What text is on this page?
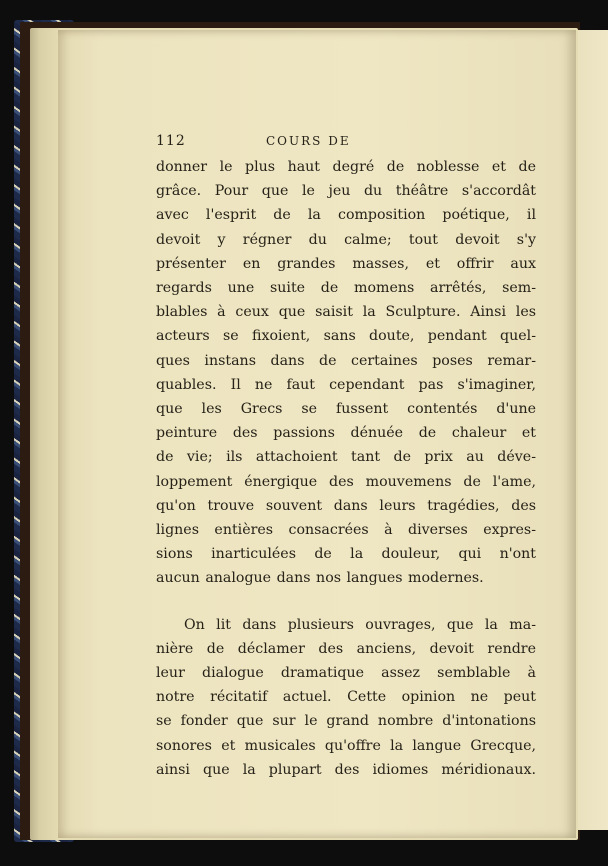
112	COURS DE
donner le plus haut degré de noblesse et de
grâce. Pour que le jeu du théâtre s'accordât
avec l'esprit de la composition poétique, il
devoit y régner du calme; tout devoit s'y
présenter en grandes masses, et offrir aux
regards une suite de momens arrêtés, sem-
blables à ceux que saisit la Sculpture. Ainsi les
acteurs se fixoient, sans doute, pendant quel-
ques instans dans de certaines poses remar-
quables. Il ne faut cependant pas s'imaginer,
que les Grecs se fussent contentés d'une
peinture des passions dénuée de chaleur et
de vie; ils attachoient tant de prix au déve-
loppement énergique des mouvemens de l'ame,
qu'on trouve souvent dans leurs tragédies, des
lignes entières consacrées à diverses expres-
sions inarticulées de la douleur, qui n'ont
aucun analogue dans nos langues modernes.
On lit dans plusieurs ouvrages, que la ma-
nière de déclamer des anciens, devoit rendre
leur dialogue dramatique assez semblable à
notre récitatif actuel. Cette opinion ne peut
se fonder que sur le grand nombre d'intonations
sonores et musicales qu'offre la langue Grecque,
ainsi que la plupart des idiomes méridionaux.
